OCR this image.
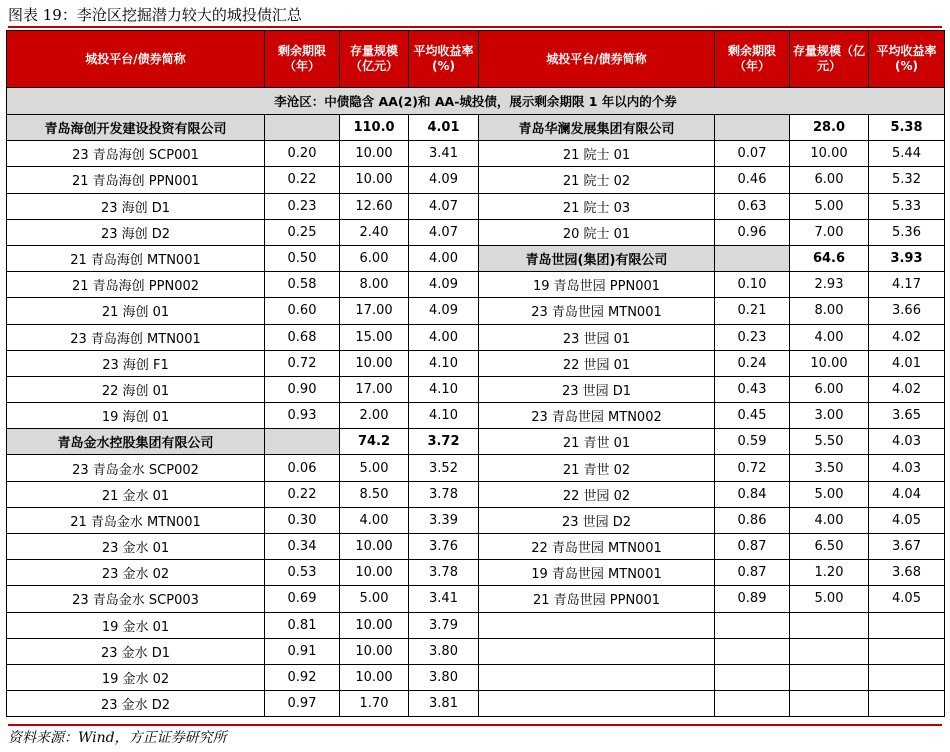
图表 19：李沧区挖掘潜力较大的城投债汇总
城投平台/债券简称	剩余期限（年）	存量规模（亿元）	平均收益率(%)	城投平台/债券简称	剩余期限（年）	存量规模（亿元）	平均收益率(%)
李沧区：中债隐含 AA(2)和 AA-城投债，展示剩余期限 1 年以内的个券							
青岛海创开发建设投资有限公司		110.0	4.01	青岛华澜发展集团有限公司		28.0	5.38
23 青岛海创 SCP001	0.20	10.00	3.41	21 院士 01	0.07	10.00	5.44
21 青岛海创 PPN001	0.22	10.00	4.09	21 院士 02	0.46	6.00	5.32
23 海创 D1	0.23	12.60	4.07	21 院士 03	0.63	5.00	5.33
23 海创 D2	0.25	2.40	4.07	20 院士 01	0.96	7.00	5.36
21 青岛海创 MTN001	0.50	6.00	4.00	青岛世园(集团)有限公司		64.6	3.93
21 青岛海创 PPN002	0.58	8.00	4.09	19 青岛世园 PPN001	0.10	2.93	4.17
21 海创 01	0.60	17.00	4.09	23 青岛世园 MTN001	0.21	8.00	3.66
23 青岛海创 MTN001	0.68	15.00	4.00	23 世园 01	0.23	4.00	4.02
23 海创 F1	0.72	10.00	4.10	22 世园 01	0.24	10.00	4.01
22 海创 01	0.90	17.00	4.10	23 世园 D1	0.43	6.00	4.02
19 海创 01	0.93	2.00	4.10	23 青岛世园 MTN002	0.45	3.00	3.65
青岛金水控股集团有限公司		74.2	3.72	21 青世 01	0.59	5.50	4.03
23 青岛金水 SCP002	0.06	5.00	3.52	21 青世 02	0.72	3.50	4.03
21 金水 01	0.22	8.50	3.78	22 世园 02	0.84	5.00	4.04
21 青岛金水 MTN001	0.30	4.00	3.39	23 世园 D2	0.86	4.00	4.05
23 金水 01	0.34	10.00	3.76	22 青岛世园 MTN001	0.87	6.50	3.67
23 金水 02	0.53	10.00	3.78	19 青岛世园 MTN001	0.87	1.20	3.68
23 青岛金水 SCP003	0.69	5.00	3.41	21 青岛世园 PPN001	0.89	5.00	4.05
19 金水 01	0.81	10.00	3.79				
23 金水 D1	0.91	10.00	3.80				
19 金水 02	0.92	10.00	3.80				
23 金水 D2	0.97	1.70	3.81				
资料来源：Wind，方正证券研究所
